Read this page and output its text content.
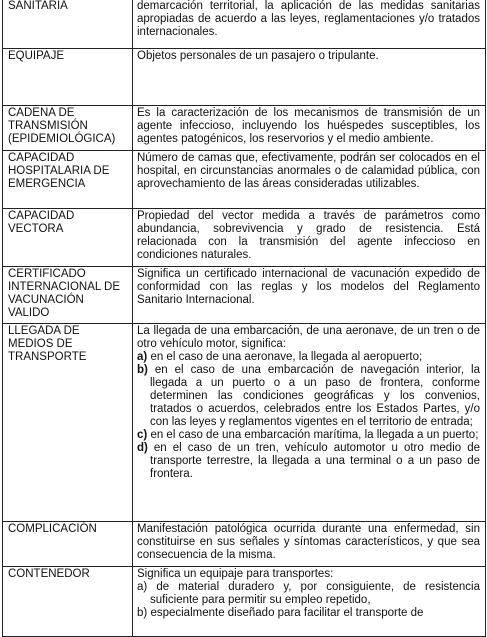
SANITARIA	demarcación territorial, la aplicación de las medidas sanitarias apropiadas de acuerdo a las leyes, reglamentaciones y/o tratados internacionales.
EQUIPAJE	Objetos personales de un pasajero o tripulante.
CADENA DE TRANSMISIÓN (EPIDEMIOLÓGICA)	Es la caracterización de los mecanismos de transmisión de un agente infeccioso, incluyendo los huéspedes susceptibles, los agentes patogénicos, los reservorios y el medio ambiente.
CAPACIDAD HOSPITALARIA DE EMERGENCIA	Número de camas que, efectivamente, podrán ser colocados en el hospital, en circunstancias anormales o de calamidad pública, con aprovechamiento de las áreas consideradas utilizables.
CAPACIDAD VECTORA	Propiedad del vector medida a través de parámetros como abundancia, sobrevivencia y grado de resistencia. Está relacionada con la transmisión del agente infeccioso en condiciones naturales.
CERTIFICADO INTERNACIONAL DE VACUNACIÓN VALIDO	Significa un certificado internacional de vacunación expedido de conformidad con las reglas y los modelos del Reglamento Sanitario Internacional.
LLEGADA DE MEDIOS DE TRANSPORTE	La llegada de una embarcación, de una aeronave, de un tren o de otro vehículo motor, significa:

a) en el caso de una aeronave, la llegada al aeropuerto;

b) en el caso de una embarcación de navegación interior, la llegada a un puerto o a un paso de frontera, conforme determinen las condiciones geográficas y los convenios, tratados o acuerdos, celebrados entre los Estados Partes, y/o con las leyes y reglamentos vigentes en el territorio de entrada;

c) en el caso de una embarcación marítima, la llegada a un puerto;

d) en el caso de un tren, vehículo automotor u otro medio de transporte terrestre, la llegada a una terminal o a un paso de frontera.

COMPLICACIÓN	Manifestación patológica ocurrida durante una enfermedad, sin constituirse en sus señales y síntomas característicos, y que sea consecuencia de la misma.
CONTENEDOR	Significa un equipaje para transportes:

a) de material duradero y, por consiguiente, de resistencia suficiente para permitir su empleo repetido,

b) especialmente diseñado para facilitar el transporte de
